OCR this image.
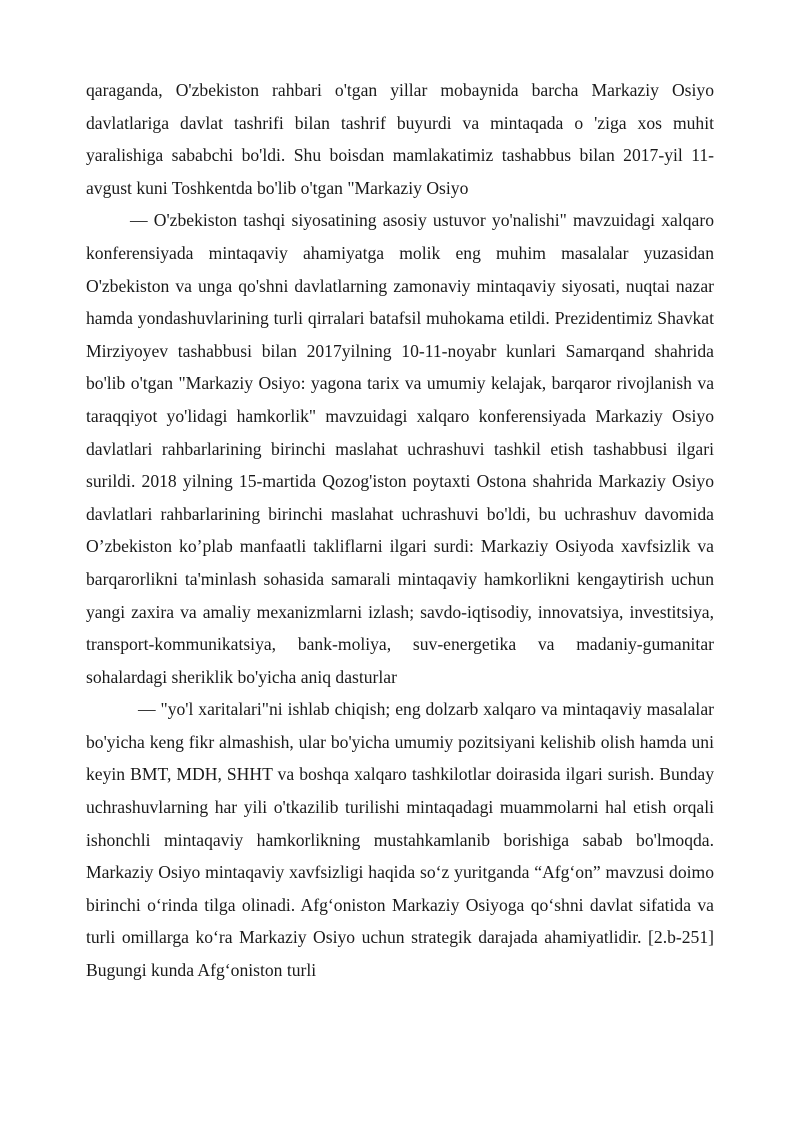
qaraganda, O'zbekiston rahbari o'tgan yillar mobaynida barcha Markaziy Osiyo davlatlariga davlat tashrifi bilan tashrif buyurdi va mintaqada o 'ziga xos muhit yaralishiga sababchi bo'ldi. Shu boisdan mamlakatimiz tashabbus bilan 2017-yil 11-avgust kuni Toshkentda bo'lib o'tgan "Markaziy Osiyo

— O'zbekiston tashqi siyosatining asosiy ustuvor yo'nalishi" mavzuidagi xalqaro konferensiyada mintaqaviy ahamiyatga molik eng muhim masalalar yuzasidan O'zbekiston va unga qo'shni davlatlarning zamonaviy mintaqaviy siyosati, nuqtai nazar hamda yondashuvlarining turli qirralari batafsil muhokama etildi. Prezidentimiz Shavkat Mirziyoyev tashabbusi bilan 2017yilning 10-11-noyabr kunlari Samarqand shahrida bo'lib o'tgan "Markaziy Osiyo: yagona tarix va umumiy kelajak, barqaror rivojlanish va taraqqiyot yo'lidagi hamkorlik" mavzuidagi xalqaro konferensiyada Markaziy Osiyo davlatlari rahbarlarining birinchi maslahat uchrashuvi tashkil etish tashabbusi ilgari surildi. 2018 yilning 15-martida Qozog'iston poytaxti Ostona shahrida Markaziy Osiyo davlatlari rahbarlarining birinchi maslahat uchrashuvi bo'ldi, bu uchrashuv davomida O’zbekiston ko’plab manfaatli takliflarni ilgari surdi: Markaziy Osiyoda xavfsizlik va barqarorlikni ta'minlash sohasida samarali mintaqaviy hamkorlikni kengaytirish uchun yangi zaxira va amaliy mexanizmlarni izlash; savdo-iqtisodiy, innovatsiya, investitsiya, transport-kommunikatsiya, bank-moliya, suv-energetika va madaniy-gumanitar sohalardagi sheriklik bo'yicha aniq dasturlar

— "yo'l xaritalari"ni ishlab chiqish; eng dolzarb xalqaro va mintaqaviy masalalar bo'yicha keng fikr almashish, ular bo'yicha umumiy pozitsiyani kelishib olish hamda uni keyin BMT, MDH, SHHT va boshqa xalqaro tashkilotlar doirasida ilgari surish. Bunday uchrashuvlarning har yili o'tkazilib turilishi mintaqadagi muammolarni hal etish orqali ishonchli mintaqaviy hamkorlikning mustahkamlanib borishiga sabab bo'lmoqda. Markaziy Osiyo mintaqaviy xavfsizligi haqida so‘z yuritganda “Afg‘on” mavzusi doimo birinchi o‘rinda tilga olinadi. Afg‘oniston Markaziy Osiyoga qo‘shni davlat sifatida va turli omillarga ko‘ra Markaziy Osiyo uchun strategik darajada ahamiyatlidir. [2.b-251] Bugungi kunda Afg‘oniston turli
